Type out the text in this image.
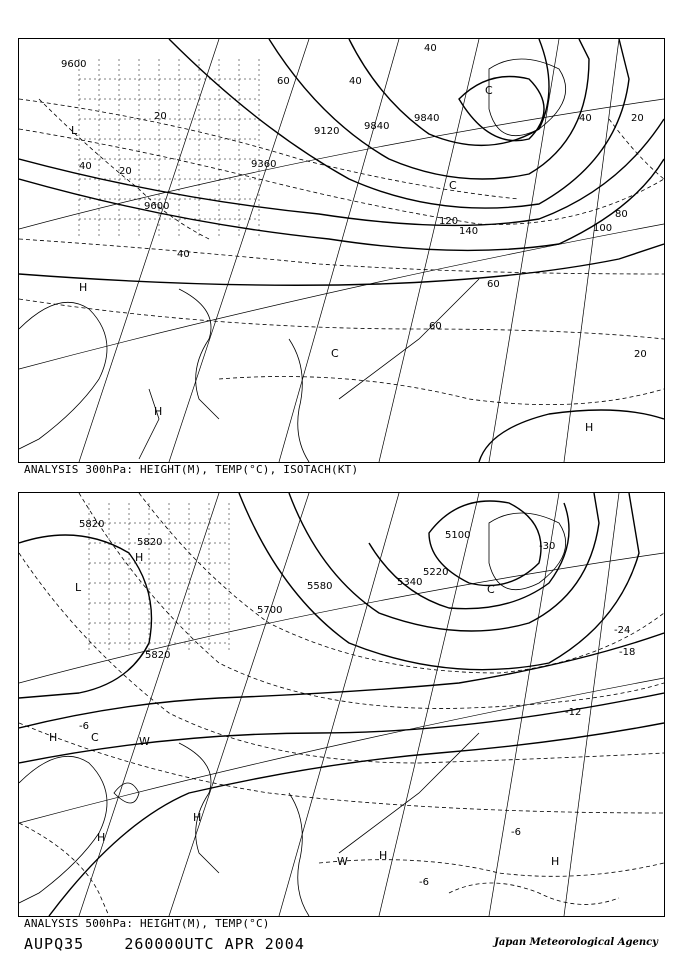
9600
9120
9360
9600
9840
9840
40
60
20
40	20
40
60
80
100
120
140
20
40
60
20
40
H
C
H
C
H
L
C
ANALYSIS 300hPa: HEIGHT(M), TEMP(°C), ISOTACH(KT)
5820
5820
5820
5700
5580	5340
5220
5100
-30
-24
-18
-12
-6
-6
-6
L
H
H	C	W
H
H
W	H
H
C
ANALYSIS 500hPa: HEIGHT(M), TEMP(°C)
AUPQ35	260000UTC APR 2004	Japan Meteorological Agency
